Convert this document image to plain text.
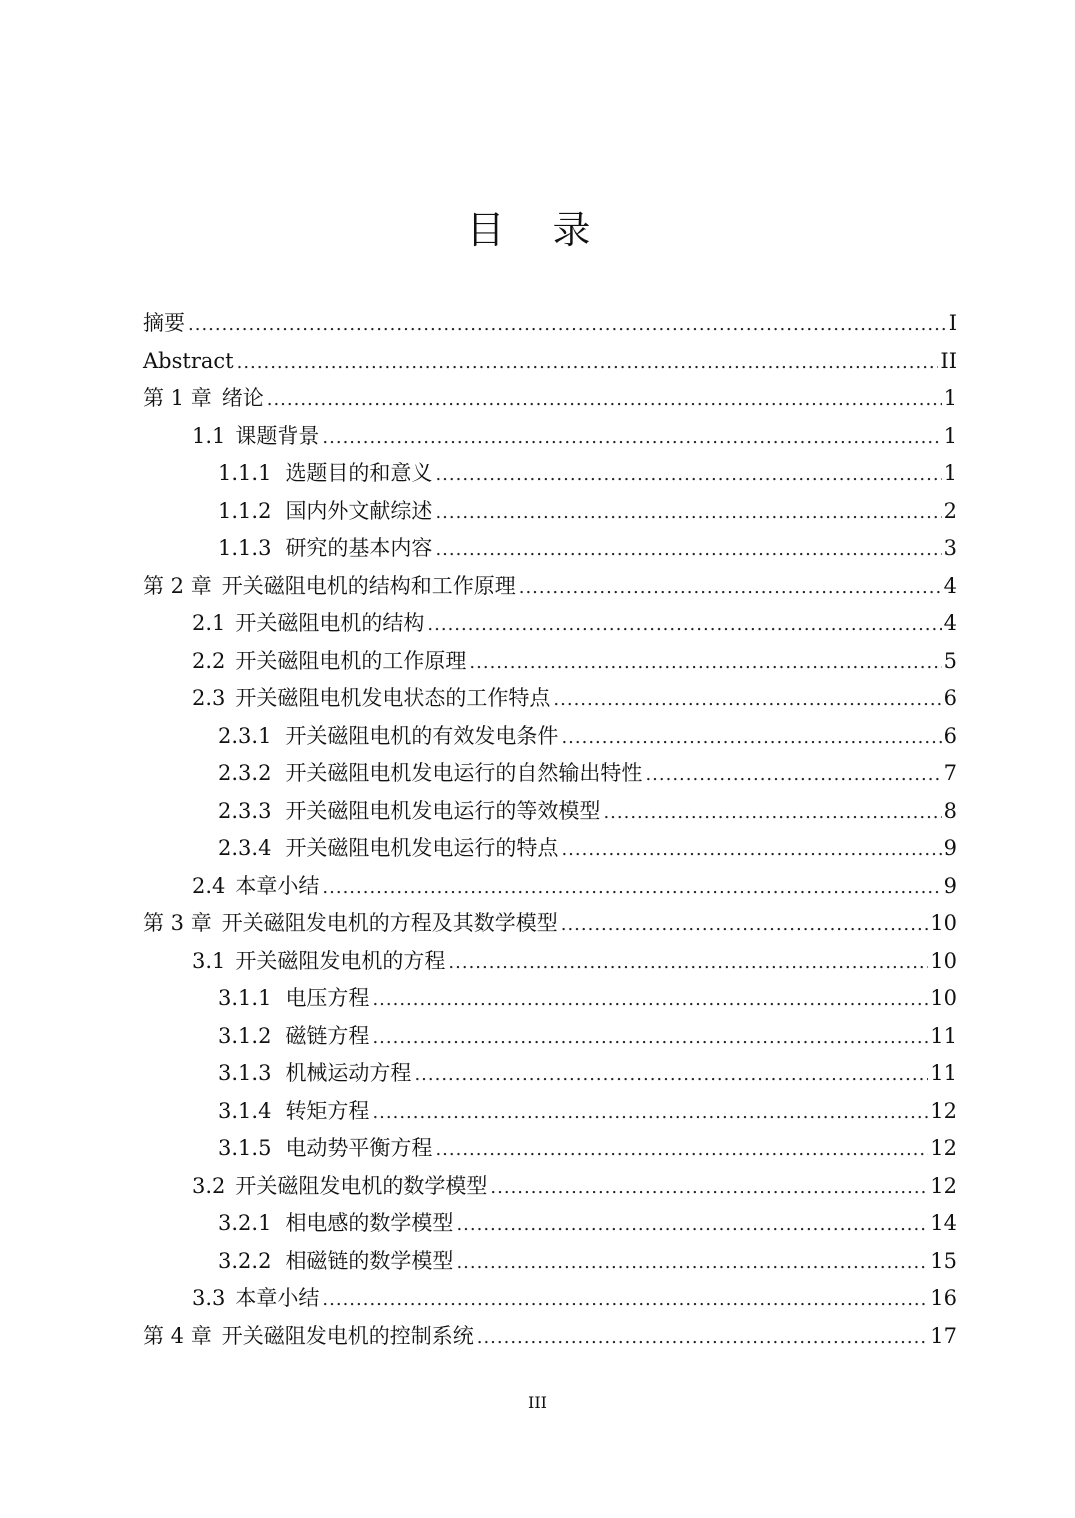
目 录
摘要 .....	I
Abstract .....	II
第 1 章 绪论 .....	1
1.1 课题背景 .....	1
1.1.1 选题目的和意义 .....	1
1.1.2 国内外文献综述 .....	2
1.1.3 研究的基本内容 .....	3
第 2 章 开关磁阻电机的结构和工作原理 .....	4
2.1 开关磁阻电机的结构 .....	4
2.2 开关磁阻电机的工作原理 .....	5
2.3 开关磁阻电机发电状态的工作特点 .....	6
2.3.1 开关磁阻电机的有效发电条件 .....	6
2.3.2 开关磁阻电机发电运行的自然输出特性 .....	7
2.3.3 开关磁阻电机发电运行的等效模型 .....	8
2.3.4 开关磁阻电机发电运行的特点 .....	9
2.4 本章小结 .....	9
第 3 章 开关磁阻发电机的方程及其数学模型 .....	10
3.1 开关磁阻发电机的方程 .....	10
3.1.1 电压方程 .....	10
3.1.2 磁链方程 .....	11
3.1.3 机械运动方程 .....	11
3.1.4 转矩方程 .....	12
3.1.5 电动势平衡方程 .....	12
3.2 开关磁阻发电机的数学模型 .....	12
3.2.1 相电感的数学模型 .....	14
3.2.2 相磁链的数学模型 .....	15
3.3 本章小结 .....	16
第 4 章 开关磁阻发电机的控制系统 .....	17
III
